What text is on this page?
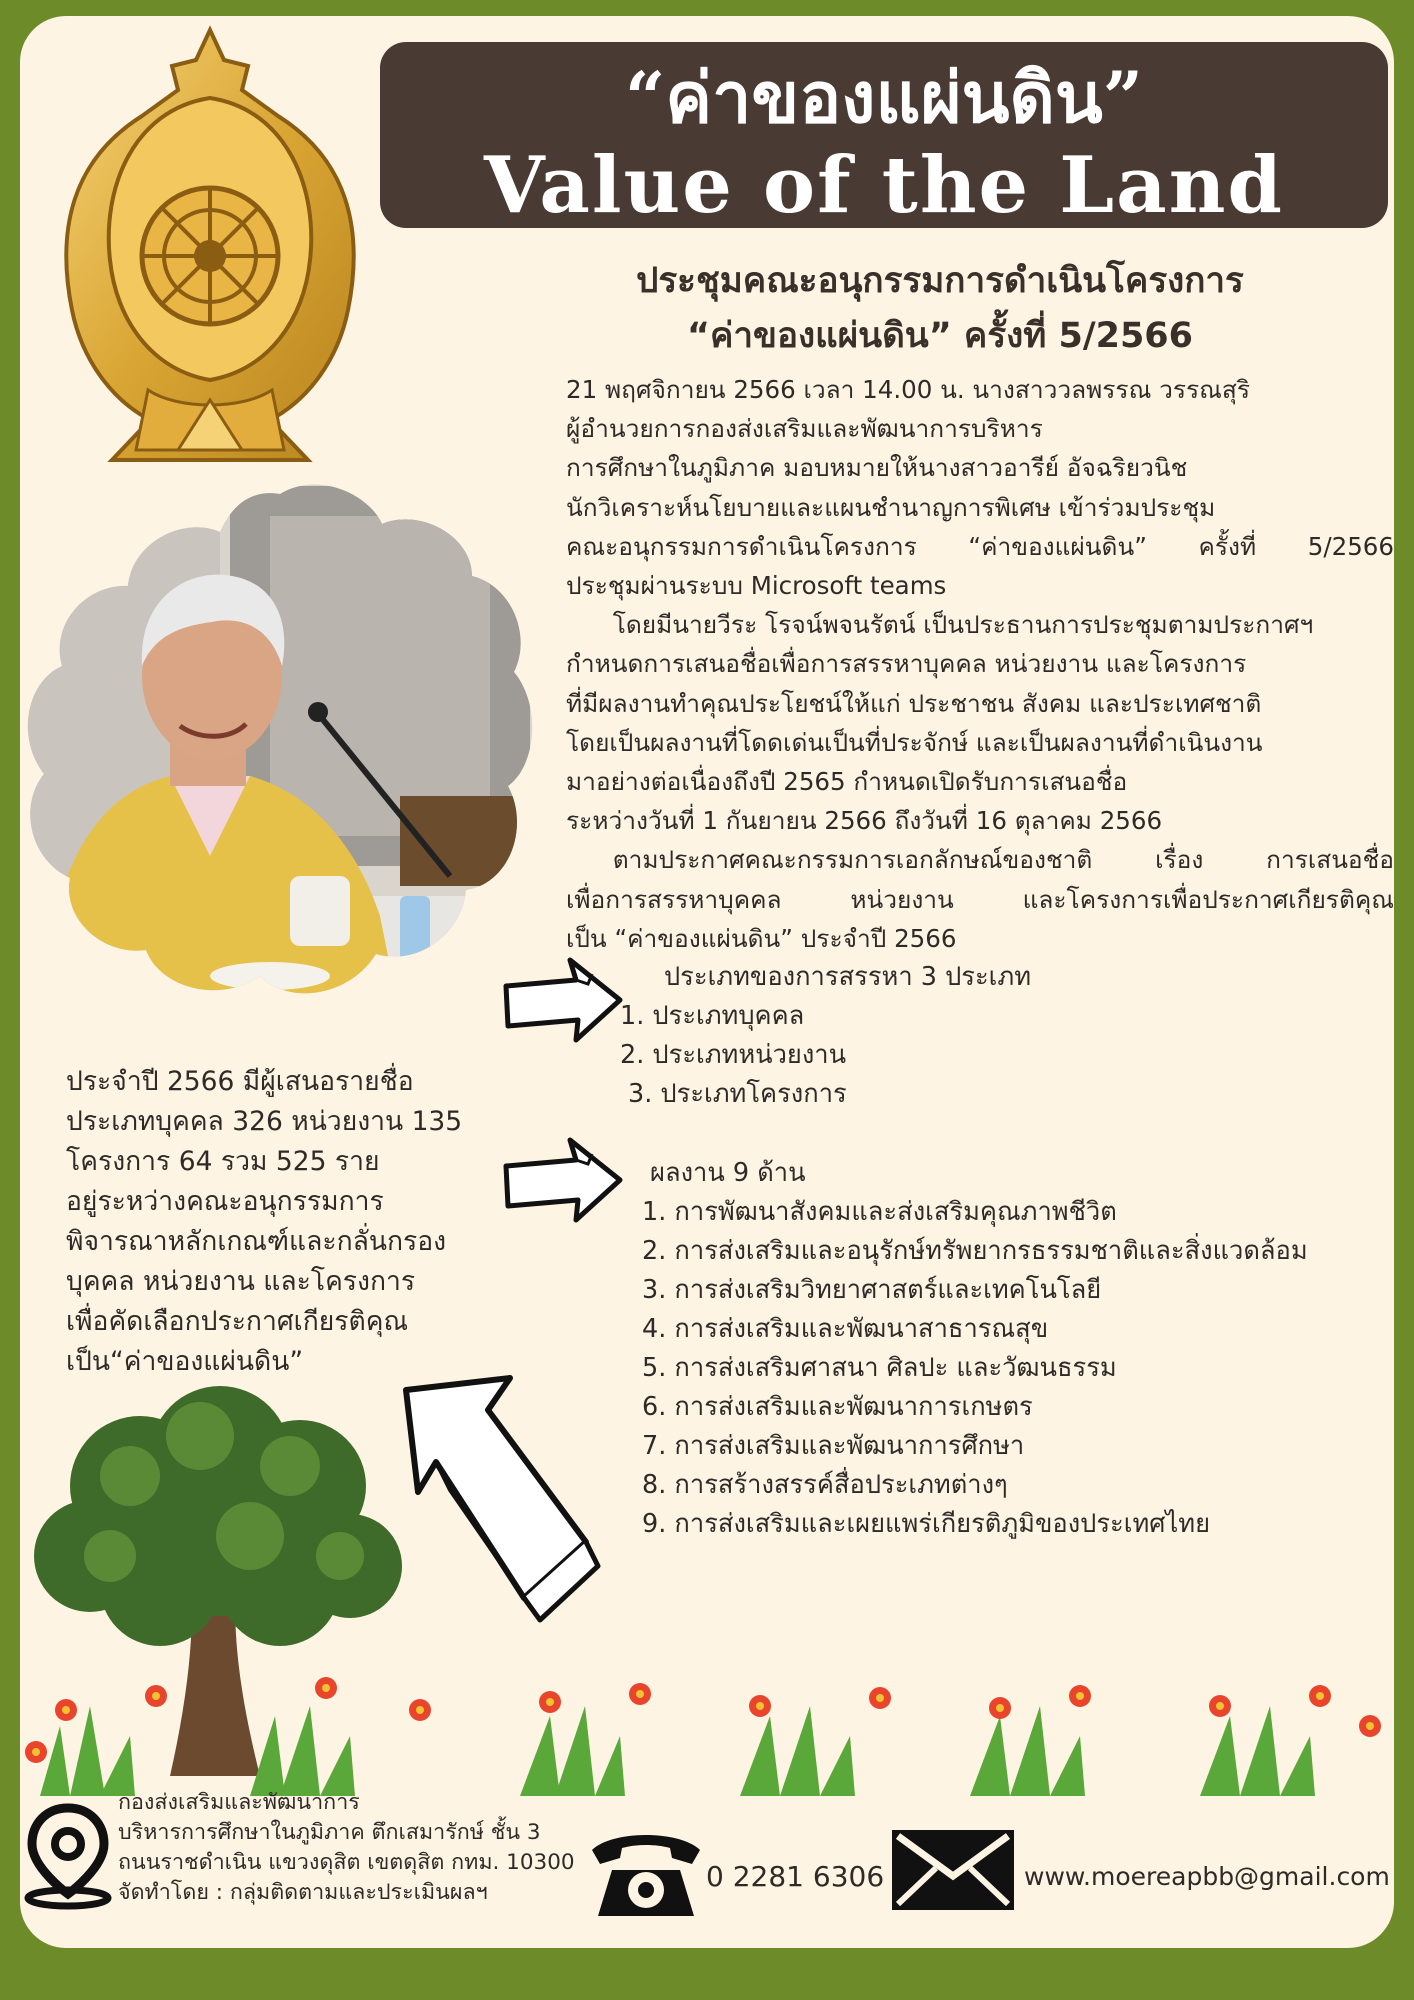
“ค่าของแผ่นดิน”
Value of the Land
ประชุมคณะอนุกรรมการดำเนินโครงการ
“ค่าของแผ่นดิน” ครั้งที่ 5/2566
21 พฤศจิกายน 2566 เวลา 14.00 น. นางสาววลพรรณ วรรณสุริ
ผู้อำนวยการกองส่งเสริมและพัฒนาการบริหาร
การศึกษาในภูมิภาค มอบหมายให้นางสาวอารีย์ อัจฉริยวนิช
นักวิเคราะห์นโยบายและแผนชำนาญการพิเศษ เข้าร่วมประชุม
คณะอนุกรรมการดำเนินโครงการ “ค่าของแผ่นดิน” ครั้งที่ 5/2566
ประชุมผ่านระบบ Microsoft teams
โดยมีนายวีระ โรจน์พจนรัตน์ เป็นประธานการประชุมตามประกาศฯ
กำหนดการเสนอชื่อเพื่อการสรรหาบุคคล หน่วยงาน และโครงการ
ที่มีผลงานทำคุณประโยชน์ให้แก่ ประชาชน สังคม และประเทศชาติ
โดยเป็นผลงานที่โดดเด่นเป็นที่ประจักษ์ และเป็นผลงานที่ดำเนินงาน
มาอย่างต่อเนื่องถึงปี 2565 กำหนดเปิดรับการเสนอชื่อ
ระหว่างวันที่ 1 กันยายน 2566 ถึงวันที่ 16 ตุลาคม 2566
ตามประกาศคณะกรรมการเอกลักษณ์ของชาติ	เรื่อง	การเสนอชื่อ
เพื่อการสรรหาบุคคล	หน่วยงาน	และโครงการเพื่อประกาศเกียรติคุณ
เป็น “ค่าของแผ่นดิน” ประจำปี 2566
ประเภทของการสรรหา 3 ประเภท
1. ประเภทบุคคล
2. ประเภทหน่วยงาน
3. ประเภทโครงการ
ผลงาน 9 ด้าน
1. การพัฒนาสังคมและส่งเสริมคุณภาพชีวิต
2. การส่งเสริมและอนุรักษ์ทรัพยากรธรรมชาติและสิ่งแวดล้อม
3. การส่งเสริมวิทยาศาสตร์และเทคโนโลยี
4. การส่งเสริมและพัฒนาสาธารณสุข
5. การส่งเสริมศาสนา ศิลปะ และวัฒนธรรม
6. การส่งเสริมและพัฒนาการเกษตร
7. การส่งเสริมและพัฒนาการศึกษา
8. การสร้างสรรค์สื่อประเภทต่างๆ
9. การส่งเสริมและเผยแพร่เกียรติภูมิของประเทศไทย
ประจำปี 2566 มีผู้เสนอรายชื่อ
ประเภทบุคคล 326 หน่วยงาน 135
โครงการ 64 รวม 525 ราย
อยู่ระหว่างคณะอนุกรรมการ
พิจารณาหลักเกณฑ์และกลั่นกรอง
บุคคล หน่วยงาน และโครงการ
เพื่อคัดเลือกประกาศเกียรติคุณ
เป็น“ค่าของแผ่นดิน”
กองส่งเสริมและพัฒนาการ
บริหารการศึกษาในภูมิภาค ตึกเสมารักษ์ ชั้น 3
ถนนราชดำเนิน แขวงดุสิต เขตดุสิต กทม. 10300
จัดทำโดย : กลุ่มติดตามและประเมินผลฯ	0 2281 6306	www.moereapbb@gmail.com
